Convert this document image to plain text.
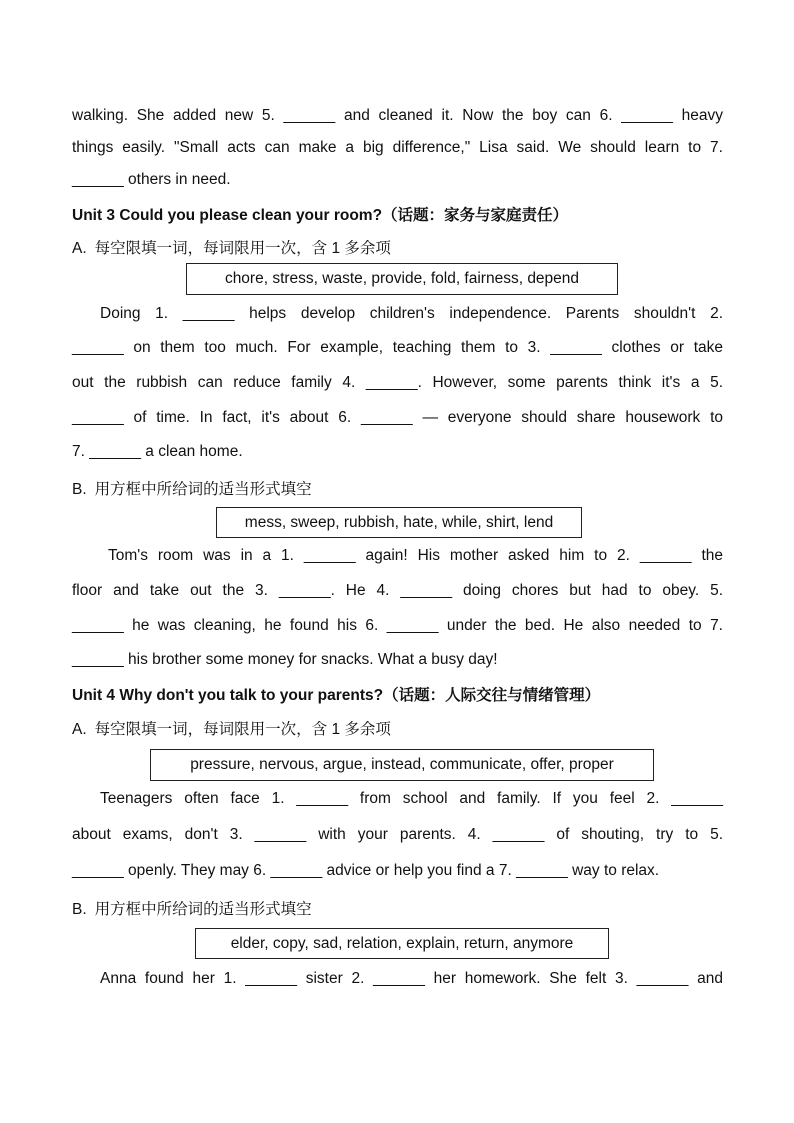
walking. She added new 5. ______ and cleaned it. Now the boy can 6. ______ heavy
things easily. "Small acts can make a big difference," Lisa said. We should learn to 7.
______ others in need.
Unit 3 Could you please clean your room?（话题：家务与家庭责任）
A. 每空限填一词，每词限用一次，含 1 多余项
chore, stress, waste, provide, fold, fairness, depend
Doing 1. ______ helps develop children's independence. Parents shouldn't 2.
______ on them too much. For example, teaching them to 3. ______ clothes or take
out the rubbish can reduce family 4. ______. However, some parents think it's a 5.
______ of time. In fact, it's about 6. ______ — everyone should share housework to
7. ______ a clean home.
B. 用方框中所给词的适当形式填空
mess, sweep, rubbish, hate, while, shirt, lend
Tom's room was in a 1. ______ again! His mother asked him to 2. ______ the
floor and take out the 3. ______. He 4. ______ doing chores but had to obey. 5.
______ he was cleaning, he found his 6. ______ under the bed. He also needed to 7.
______ his brother some money for snacks. What a busy day!
Unit 4 Why don't you talk to your parents?（话题：人际交往与情绪管理）
A. 每空限填一词，每词限用一次，含 1 多余项
pressure, nervous, argue, instead, communicate, offer, proper
Teenagers often face 1. ______ from school and family. If you feel 2. ______
about exams, don't 3. ______ with your parents. 4. ______ of shouting, try to 5.
______ openly. They may 6. ______ advice or help you find a 7. ______ way to relax.
B. 用方框中所给词的适当形式填空
elder, copy, sad, relation, explain, return, anymore
Anna found her 1. ______ sister 2. ______ her homework. She felt 3. ______ and
